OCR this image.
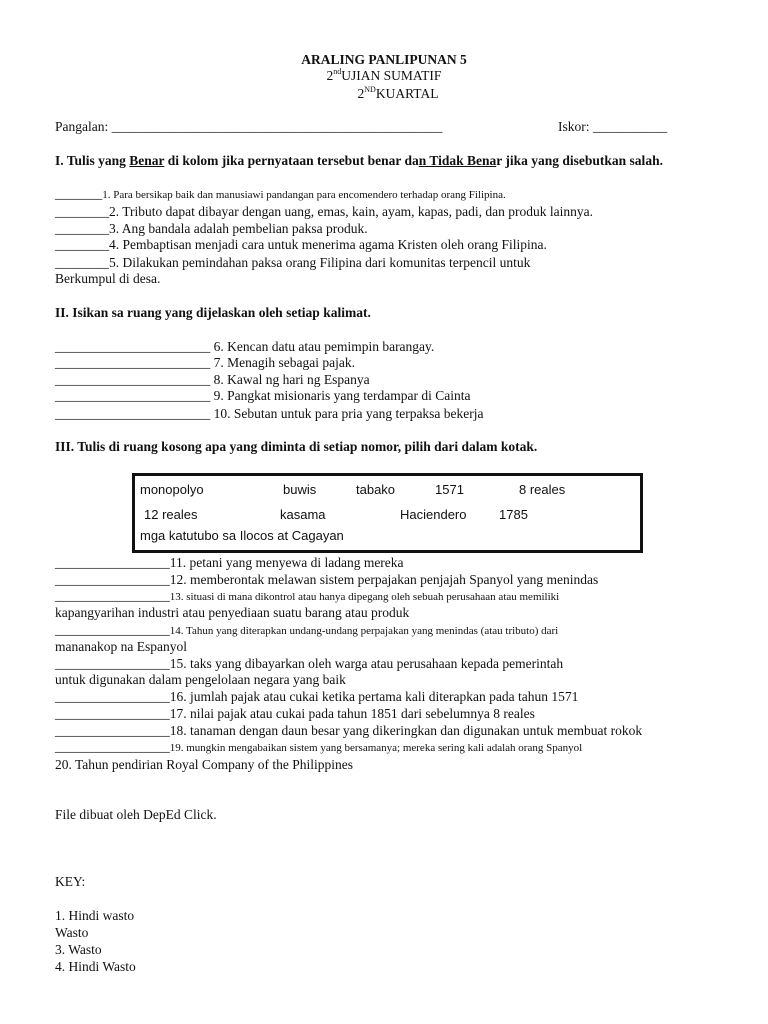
ARALING PANLIPUNAN 5
2ndUJIAN SUMATIF
2NDKUARTAL
Pangalan: _________________________________________________	Iskor: ___________
I. Tulis yang Benar di kolom jika pernyataan tersebut benar dan Tidak Benar jika yang disebutkan salah.
_______1. Para bersikap baik dan manusiawi pandangan para encomendero terhadap orang Filipina.
________2. Tributo dapat dibayar dengan uang, emas, kain, ayam, kapas, padi, dan produk lainnya.
________3. Ang bandala adalah pembelian paksa produk.
________4. Pembaptisan menjadi cara untuk menerima agama Kristen oleh orang Filipina.
________5. Dilakukan pemindahan paksa orang Filipina dari komunitas terpencil untuk
Berkumpul di desa.
II. Isikan sa ruang yang dijelaskan oleh setiap kalimat.
_______________________ 6. Kencan datu atau pemimpin barangay.
_______________________ 7. Menagih sebagai pajak.
_______________________ 8. Kawal ng hari ng Espanya
_______________________ 9. Pangkat misionaris yang terdampar di Cainta
_______________________ 10. Sebutan untuk para pria yang terpaksa bekerja
III. Tulis di ruang kosong apa yang diminta di setiap nomor, pilih dari dalam kotak.
monopolyo	buwis	tabako	1571	8 reales
12 reales	kasama	Haciendero	1785
mga katutubo sa Ilocos at Cagayan
_________________11. petani yang menyewa di ladang mereka
_________________12. memberontak melawan sistem perpajakan penjajah Spanyol yang menindas
_________________13. situasi di mana dikontrol atau hanya dipegang oleh sebuah perusahaan atau memiliki
kapangyarihan industri atau penyediaan suatu barang atau produk
_________________14. Tahun yang diterapkan undang-undang perpajakan yang menindas (atau tributo) dari
mananakop na Espanyol
_________________15. taks yang dibayarkan oleh warga atau perusahaan kepada pemerintah
untuk digunakan dalam pengelolaan negara yang baik
_________________16. jumlah pajak atau cukai ketika pertama kali diterapkan pada tahun 1571
_________________17. nilai pajak atau cukai pada tahun 1851 dari sebelumnya 8 reales
_________________18. tanaman dengan daun besar yang dikeringkan dan digunakan untuk membuat rokok
_________________19. mungkin mengabaikan sistem yang bersamanya; mereka sering kali adalah orang Spanyol
20. Tahun pendirian Royal Company of the Philippines
File dibuat oleh DepEd Click.
KEY:
1. Hindi wasto
Wasto
3. Wasto
4. Hindi Wasto
